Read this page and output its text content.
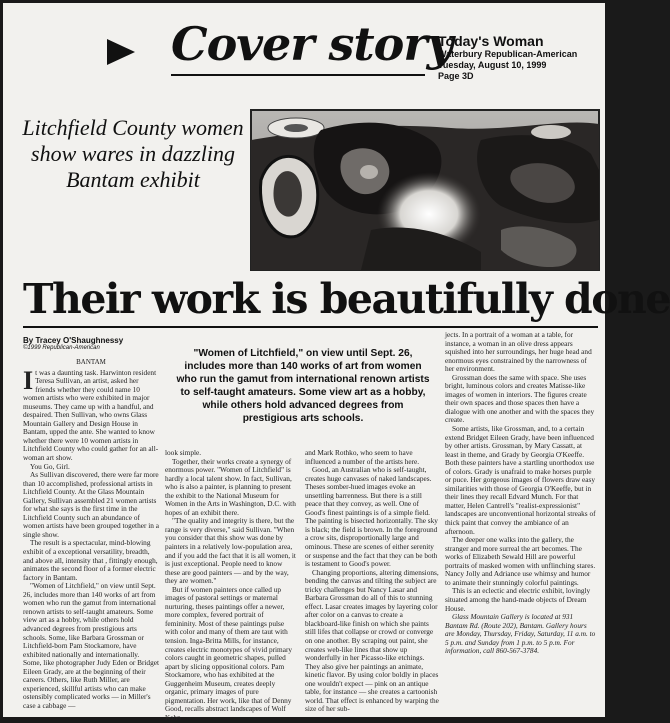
Cover story
Today's Woman
Waterbury Republican-American
Tuesday, August 10, 1999
Page 3D
Litchfield County women show wares in dazzling Bantam exhibit
Their work is beautifully done
By Tracey O'Shaughnessy
©1999 Republican-American	"Women of Litchfield," on view until Sept. 26, includes more than 140 works of art from women who run the gamut from international renown artists to self-taught amateurs. Some view art as a hobby, while others hold advanced degrees from prestigious arts schools.
BANTAM

It was a daunting task. Harwinton resident Teresa Sullivan, an artist, asked her friends whether they could name 10 women artists who were exhibited in major museums. They came up with a handful, and despaired. Then Sullivan, who owns Glass Mountain Gallery and Design House in Bantam, upped the ante. She wanted to know whether there were 10 women artists in Litchfield County who could gather for an all-woman art show.

You Go, Girl.

As Sullivan discovered, there were far more than 10 accomplished, professional artists in Litchfield County. At the Glass Mountain Gallery, Sullivan assembled 21 women artists for what she says is the first time in the Litchfield County such an abundance of women artists have been grouped together in a single show.

The result is a spectacular, mind-blowing exhibit of a exceptional versatility, breadth, and above all, intensity that , fittingly enough, animates the second floor of a former electric factory in Bantam.

"Women of Litchfield," on view until Sept. 26, includes more than 140 works of art from women who run the gamut from international renown artists to self-taught amateurs. Some view art as a hobby, while others hold advanced degrees from prestigious arts schools. Some, like Barbara Grossman or Litchfield-born Pam Stockamore, have exhibited nationally and internationally. Some, like photographer Judy Eden or Bridget Eileen Grady, are at the beginning of their careers. Others, like Ruth Miller, are experienced, skillful artists who can make ostensibly complicated works — in Miller's case a cabbage —

look simple.

Together, their works create a synergy of enormous power. "Women of Litchfield" is hardly a local talent show. In fact, Sullivan, who is also a painter, is planning to present the exhibit to the National Museum for Women in the Arts in Washington, D.C. with hopes of an exhibit there.

"The quality and integrity is there, but the range is very diverse," said Sullivan. "When you consider that this show was done by painters in a relatively low-population area, and if you add the fact that it is all women, it is just exceptional. People need to know these are good painters — and by the way, they are women."

But if women painters once called up images of pastoral settings or maternal nurturing, theses paintings offer a newer, more complex, fevered portrait of femininity. Most of these paintings pulse with color and many of them are taut with tension. Inga-Britta Mills, for instance, creates electric monotypes of vivid primary colors caught in geometric shapes, pulled apart by slicing oppositional colors. Pam Stockamore, who has exhibited at the Guggenheim Museum, creates deeply organic, primary images of pure pigmentation. Her work, like that of Denny Good, recalls abstract landscapes of Wolf Kahn

and Mark Rothko, who seem to have influenced a number of the artists here.

Good, an Australian who is self-taught, creates huge canvases of naked landscapes. Theses somber-hued images evoke an unsettling barrenness. But there is a still peace that they convey, as well. One of Good's finest paintings is of a simple field. The painting is bisected horizontally. The sky is black; the field is brown. In the foreground a crow sits, disproportionally large and ominous. These are scenes of either serenity or suspense and the fact that they can be both is testament to Good's power.

Changing proportions, altering dimensions, bending the canvas and tilting the subject are tricky challenges but Nancy Lasar and Barbara Grossman do all of this to stunning effect. Lasar creates images by layering color after color on a canvas to create a blackboard-like finish on which she paints still lifes that collapse or crowd or converge on one another. By scraping out paint, she creates web-like lines that show up wonderfully in her Picasso-like etchings. They also give her paintings an animate, kinetic flavor. By using color boldly in places one wouldn't expect — pink on an antique table, for instance — she creates a cartoonish world. That effect is enhanced by warping the size of her sub-

jects. In a portrait of a woman at a table, for instance, a woman in an olive dress appears squished into her surroundings, her huge head and enormous eyes constrained by the narrowness of her environment.

Grossman does the same with space. She uses bright, luminous colors and creates Matisse-like images of women in interiors. The figures create their own spaces and those spaces then have a dialogue with one another and with the spaces they create.

Some artists, like Grossman, and, to a certain extend Bridget Eileen Grady, have been influenced by other artists. Grossman, by Mary Cassatt, at least in theme, and Grady by Georgia O'Keeffe. Both these painters have a startling unorthodox use of colors. Grady is unafraid to make horses purple or puce. Her gorgeous images of flowers draw easy similarities with those of Georgia O'Keeffe, but in their lines they recall Edvard Munch. For that matter, Helen Cantrell's "realist-expressionist" landscapes are unconventional horizontal streaks of thick paint that convey the ambiance of an afternoon.

The deeper one walks into the gallery, the stranger and more surreal the art becomes. The works of Elizabeth Sewald Hill are powerful portraits of masked women with unflinching stares. Nancy Jolly and Adriance use whimsy and humor to animate their stunningly colorful paintings.

This is an eclectic and electric exhibit, lovingly situated among the hand-made objects of Dream House.

Glass Mountain Gallery is located at 931 Bantam Rd. (Route 202), Bantam. Gallery hours are Monday, Thursday, Friday, Saturday, 11 a.m. to 5 p.m. and Sunday from 1 p.m. to 5 p.m. For information, call 860-567-3784.
